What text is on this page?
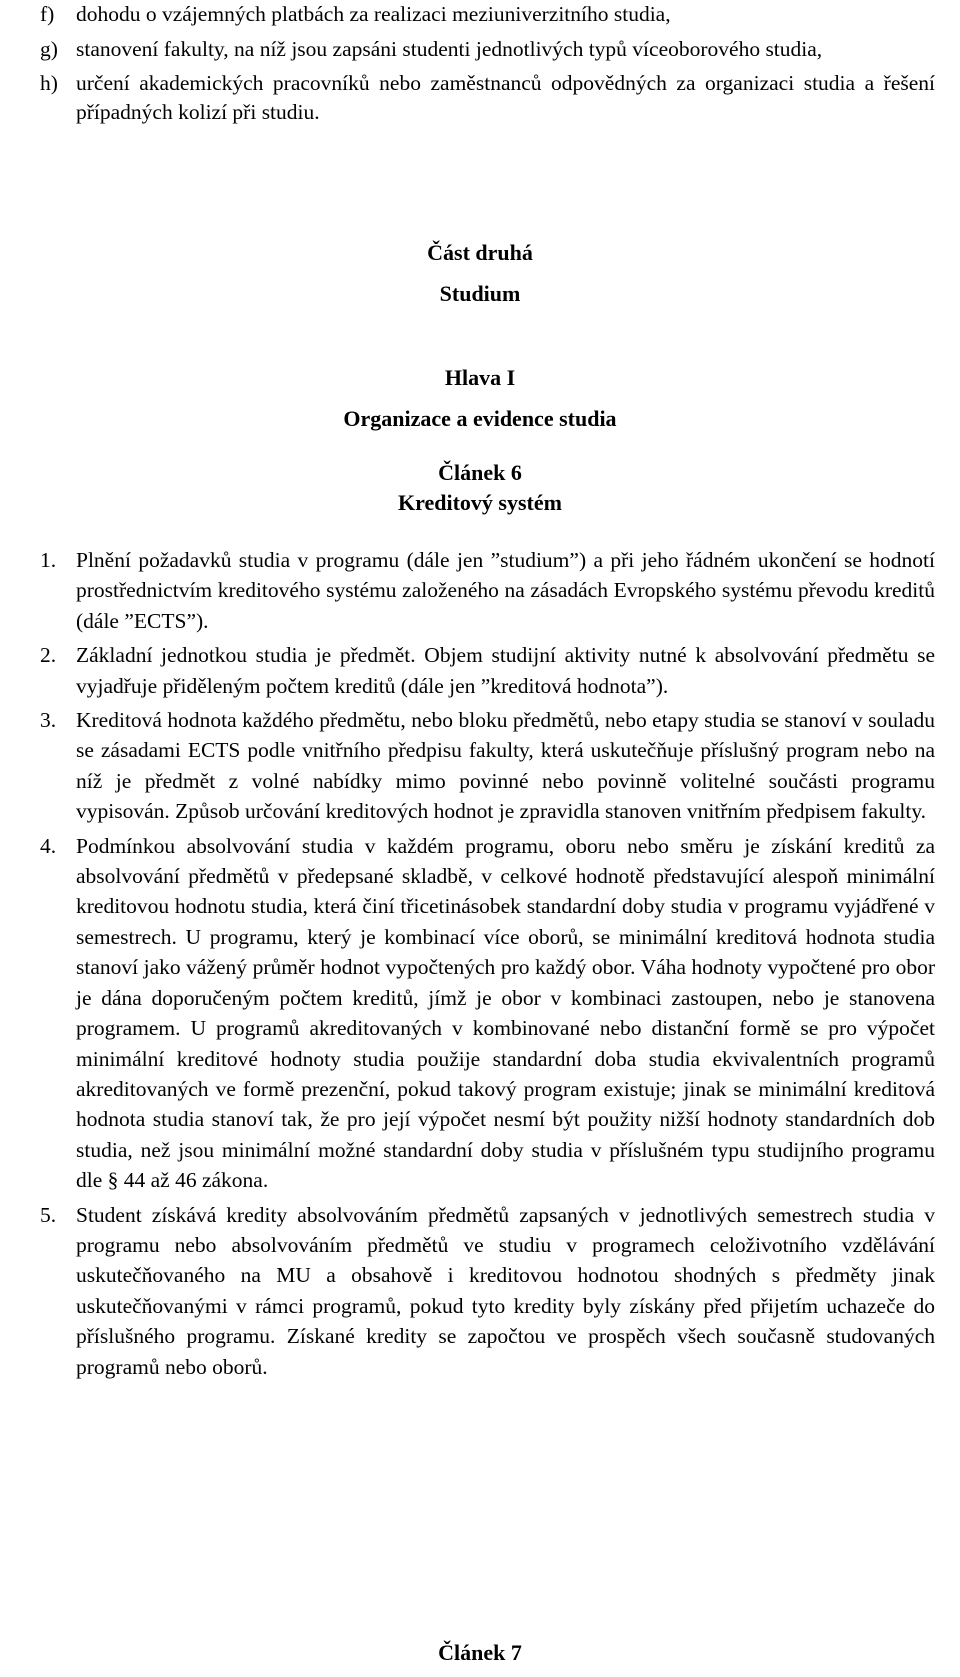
f) dohodu o vzájemných platbách za realizaci meziuniverzitního studia,
g) stanovení fakulty, na níž jsou zapsáni studenti jednotlivých typů víceoborového studia,
h) určení akademických pracovníků nebo zaměstnanců odpovědných za organizaci studia a řešení případných kolizí při studiu.
Část druhá
Studium
Hlava I
Organizace a evidence studia
Článek 6
Kreditový systém
1. Plnění požadavků studia v programu (dále jen ”studium”) a při jeho řádném ukončení se hodnotí prostřednictvím kreditového systému založeného na zásadách Evropského systému převodu kreditů (dále ”ECTS”).
2. Základní jednotkou studia je předmět. Objem studijní aktivity nutné k absolvování předmětu se vyjadřuje přiděleným počtem kreditů (dále jen ”kreditová hodnota”).
3. Kreditová hodnota každého předmětu, nebo bloku předmětů, nebo etapy studia se stanoví v souladu se zásadami ECTS podle vnitřního předpisu fakulty, která uskutečňuje příslušný program nebo na níž je předmět z volné nabídky mimo povinné nebo povinně volitelné součásti programu vypisován. Způsob určování kreditových hodnot je zpravidla stanoven vnitřním předpisem fakulty.
4. Podmínkou absolvování studia v každém programu, oboru nebo směru je získání kreditů za absolvování předmětů v předepsané skladbě, v celkové hodnotě představující alespoň minimální kreditovou hodnotu studia, která činí třicetinásobek standardní doby studia v programu vyjádřené v semestrech. U programu, který je kombinací více oborů, se minimální kreditová hodnota studia stanoví jako vážený průměr hodnot vypočtených pro každý obor. Váha hodnoty vypočtené pro obor je dána doporučeným počtem kreditů, jímž je obor v kombinaci zastoupen, nebo je stanovena programem. U programů akreditovaných v kombinované nebo distanční formě se pro výpočet minimální kreditové hodnoty studia použije standardní doba studia ekvivalentních programů akreditovaných ve formě prezenční, pokud takový program existuje; jinak se minimální kreditová hodnota studia stanoví tak, že pro její výpočet nesmí být použity nižší hodnoty standardních dob studia, než jsou minimální možné standardní doby studia v příslušném typu studijního programu dle § 44 až 46 zákona.
5. Student získává kredity absolvováním předmětů zapsaných v jednotlivých semestrech studia v programu nebo absolvováním předmětů ve studiu v programech celoživotního vzdělávání uskutečňovaného na MU a obsahově i kreditovou hodnotou shodných s předměty jinak uskutečňovanými v rámci programů, pokud tyto kredity byly získány před přijetím uchazeče do příslušného programu. Získané kredity se započtou ve prospěch všech současně studovaných programů nebo oborů.
Článek 7
